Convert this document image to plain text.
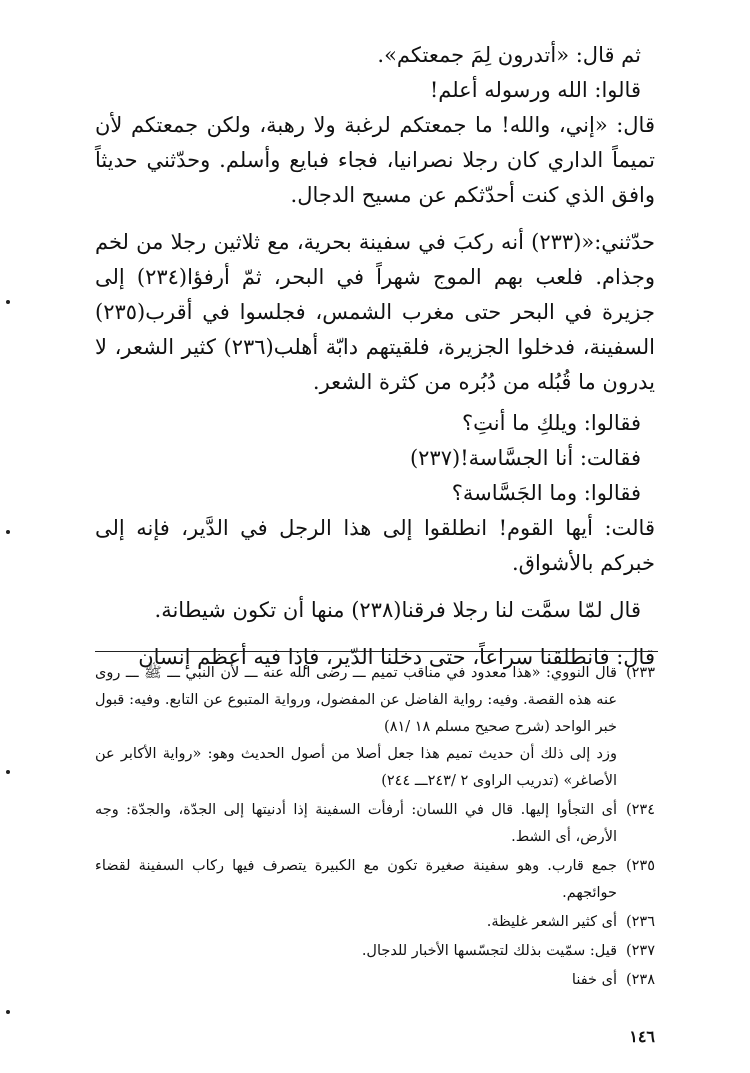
ثم قال: «أتدرون لِمَ جمعتكم».

قالوا: الله ورسوله أعلم!

قال: «إني، والله! ما جمعتكم لرغبة ولا رهبة، ولكن جمعتكم لأن تميماً الداري كان رجلا نصرانيا، فجاء فبايع وأسلم. وحدّثني حديثاً وافق الذي كنت أحدّثكم عن مسيح الدجال.

حدّثني:«(٢٣٣) أنه ركبَ في سفينة بحرية، مع ثلاثين رجلا من لخم وجذام. فلعب بهم الموج شهراً في البحر، ثمّ أرفؤا(٢٣٤) إلى جزيرة في البحر حتى مغرب الشمس، فجلسوا في أقرب(٢٣٥) السفينة، فدخلوا الجزيرة، فلقيتهم دابّة أهلب(٢٣٦) كثير الشعر، لا يدرون ما قُبُله من دُبُره من كثرة الشعر.

فقالوا: ويلكِ ما أنتِ؟

فقالت: أنا الجسَّاسة!(٢٣٧)

فقالوا: وما الجَسَّاسة؟

قالت: أيها القوم! انطلقوا إلى هذا الرجل في الدَّير، فإنه إلى خبركم بالأشواق.

قال لمّا سمَّت لنا رجلا فرقنا(٢٣٨) منها أن تكون شيطانة.

قال: فانطلقنا سراعاً، حتى دخلنا الدّير، فإذا فيه أعظم إنسان

٢٣٣)
قال النووي: «هذا معدود في مناقب تميم ـــ رضى الله عنه ـــ لأن النبي ـــ ﷺ ـــ روى عنه هذه القصة. وفيه: رواية الفاضل عن المفضول، ورواية المتبوع عن التابع. وفيه: قبول خبر الواحد (شرح صحيح مسلم ١٨ /٨١)
وزد إلى ذلك أن حديث تميم هذا جعل أصلا من أصول الحديث وهو: «رواية الأكابر عن الأصاغر» (تدريب الراوى ٢ /٢٤٣ـــ ٢٤٤)
٢٣٤)
أى التجأوا إليها. قال في اللسان: أرفأت السفينة إذا أدنيتها إلى الجدّة، والجدّة: وجه الأرض، أى الشط.
٢٣٥)
جمع قارب. وهو سفينة صغيرة تكون مع الكبيرة يتصرف فيها ركاب السفينة لقضاء حوائجهم.
٢٣٦)
أى كثير الشعر غليظة.
٢٣٧)
قيل: سمّيت بذلك لتجسّسها الأخبار للدجال.
٢٣٨)
أى خفنا
١٤٦
